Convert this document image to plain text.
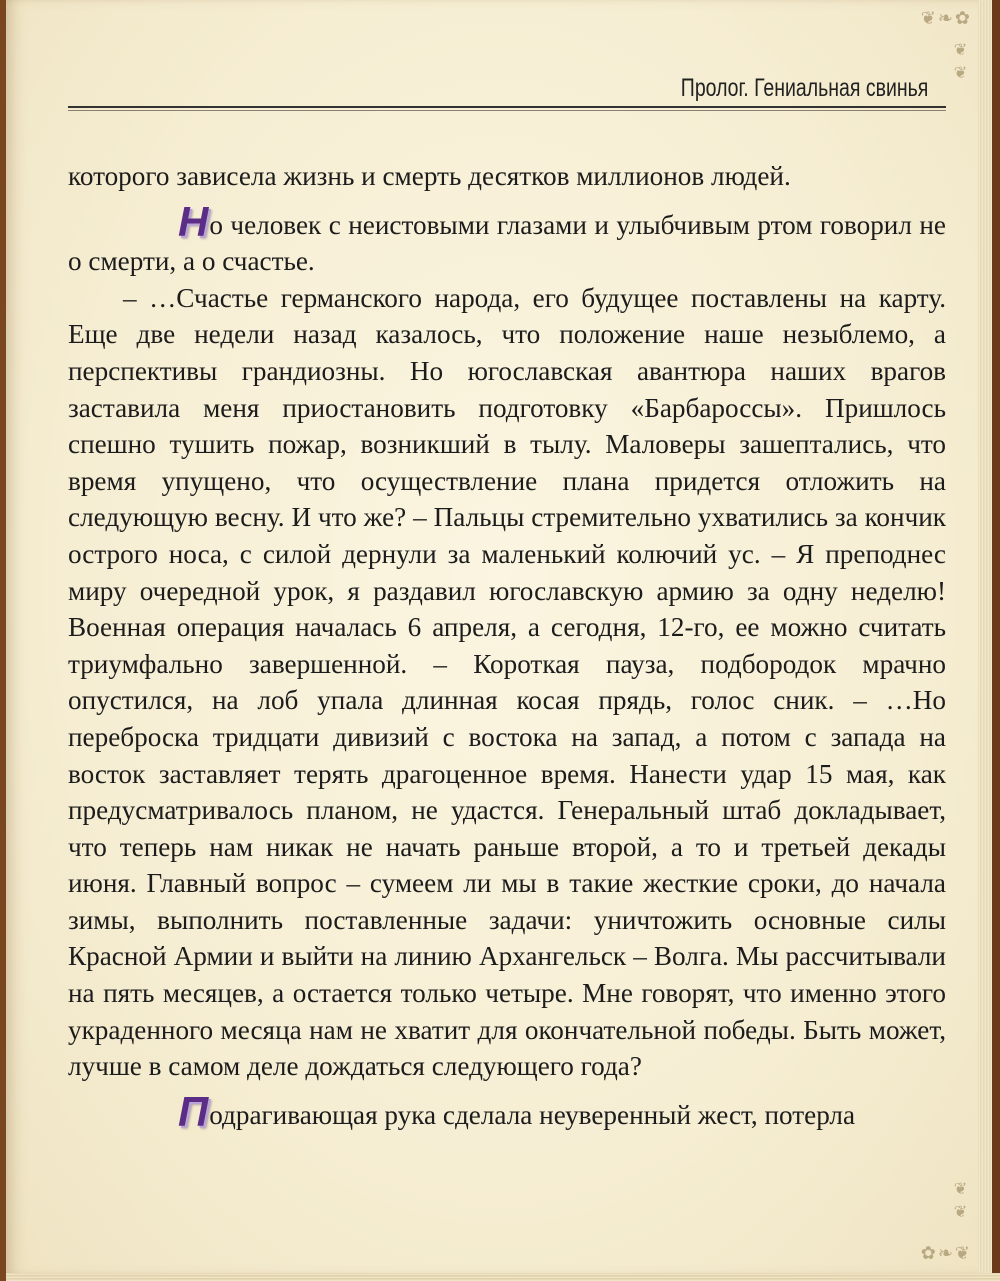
❦❧✿
❦❦
❦❦
✿❧❦
Пролог. Гениальная свинья

которого зависела жизнь и смерть десятков миллионов людей.

Но человек с неистовыми глазами и улыбчивым ртом говорил не о смерти, а о счастье.

– …Счастье германского народа, его будущее поставлены на карту. Еще две недели назад казалось, что положение наше незыблемо, а перспективы грандиозны. Но югославская авантюра наших врагов заставила меня приостановить подготовку «Барбароссы». Пришлось спешно тушить пожар, возникший в тылу. Маловеры зашептались, что время упущено, что осуществление плана придется отложить на следующую весну. И что же? – Пальцы стремительно ухватились за кончик острого носа, с силой дернули за маленький колючий ус. – Я преподнес миру очередной урок, я раздавил югославскую армию за одну неделю! Военная операция началась 6 апреля, а сегодня, 12-го, ее можно считать триумфально завершенной. – Короткая пауза, подбородок мрачно опустился, на лоб упала длинная косая прядь, голос сник. – …Но переброска тридцати дивизий с востока на запад, а потом с запада на восток заставляет терять драгоценное время. Нанести удар 15 мая, как предусматривалось планом, не удастся. Генеральный штаб докладывает, что теперь нам никак не начать раньше второй, а то и третьей декады июня. Главный вопрос – сумеем ли мы в такие жесткие сроки, до начала зимы, выполнить поставленные задачи: уничтожить основные силы Красной Армии и выйти на линию Архангельск – Волга. Мы рассчитывали на пять месяцев, а остается только четыре. Мне говорят, что именно этого украденного месяца нам не хватит для окончательной победы. Быть может, лучше в самом деле дождаться следующего года?

Подрагивающая рука сделала неуверенный жест, потерла
